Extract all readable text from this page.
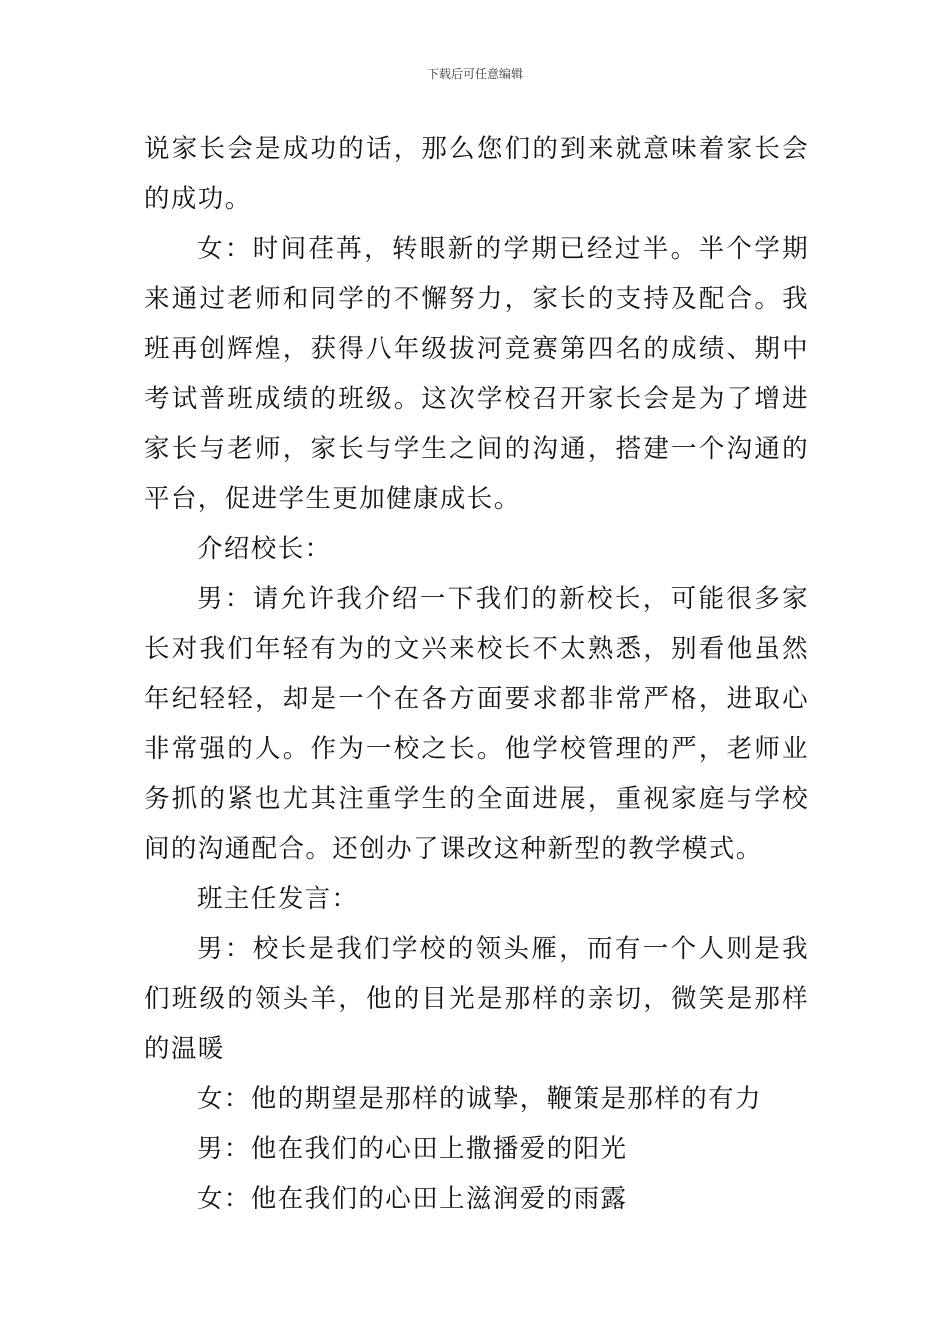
下载后可任意编辑

说家长会是成功的话，那么您们的到来就意味着家长会的成功。

女：时间荏苒，转眼新的学期已经过半。半个学期来通过老师和同学的不懈努力，家长的支持及配合。我班再创辉煌，获得八年级拔河竞赛第四名的成绩、期中考试普班成绩的班级。这次学校召开家长会是为了增进家长与老师，家长与学生之间的沟通，搭建一个沟通的平台，促进学生更加健康成长。

介绍校长：

男：请允许我介绍一下我们的新校长，可能很多家长对我们年轻有为的文兴来校长不太熟悉，别看他虽然年纪轻轻，却是一个在各方面要求都非常严格，进取心非常强的人。作为一校之长。他学校管理的严，老师业务抓的紧也尤其注重学生的全面进展，重视家庭与学校间的沟通配合。还创办了课改这种新型的教学模式。

班主任发言：

男：校长是我们学校的领头雁，而有一个人则是我们班级的领头羊，他的目光是那样的亲切，微笑是那样的温暖

女：他的期望是那样的诚挚，鞭策是那样的有力

男：他在我们的心田上撒播爱的阳光

女：他在我们的心田上滋润爱的雨露
